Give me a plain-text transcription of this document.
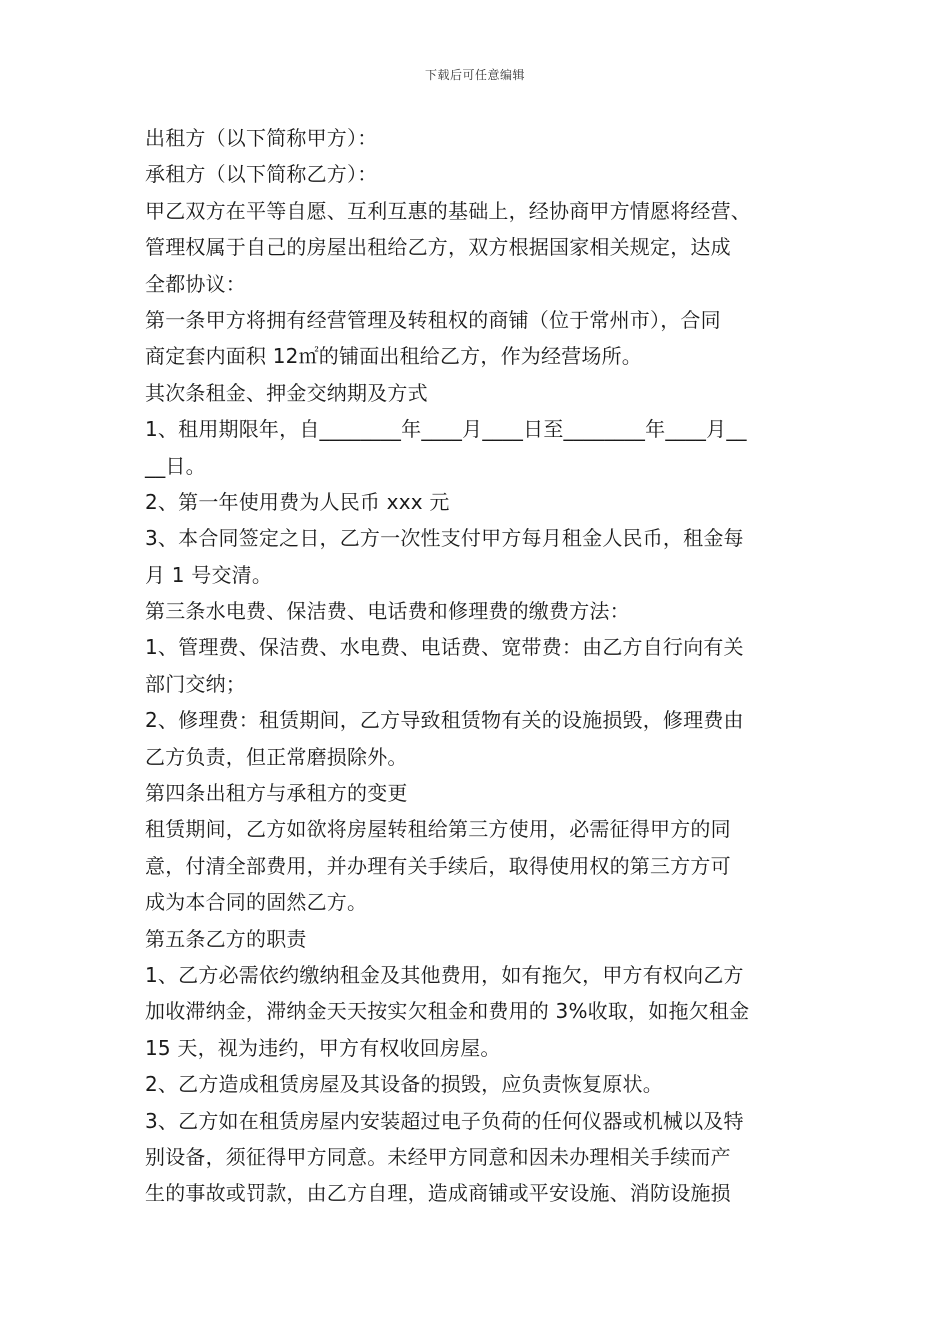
下载后可任意编辑
出租方（以下简称甲方）：
承租方（以下简称乙方）：
甲乙双方在平等自愿、互利互惠的基础上，经协商甲方情愿将经营、
管理权属于自己的房屋出租给乙方，双方根据国家相关规定，达成
全都协议：
第一条甲方将拥有经营管理及转租权的商铺（位于常州市），合同
商定套内面积 12㎡的铺面出租给乙方，作为经营场所。
其次条租金、押金交纳期及方式
1、租用期限年，自________年____月____日至________年____月__
__日。
2、第一年使用费为人民币 xxx 元
3、本合同签定之日，乙方一次性支付甲方每月租金人民币，租金每
月 1 号交清。
第三条水电费、保洁费、电话费和修理费的缴费方法：
1、管理费、保洁费、水电费、电话费、宽带费：由乙方自行向有关
部门交纳；
2、修理费：租赁期间，乙方导致租赁物有关的设施损毁，修理费由
乙方负责，但正常磨损除外。
第四条出租方与承租方的变更
租赁期间，乙方如欲将房屋转租给第三方使用，必需征得甲方的同
意，付清全部费用，并办理有关手续后，取得使用权的第三方方可
成为本合同的固然乙方。
第五条乙方的职责
1、乙方必需依约缴纳租金及其他费用，如有拖欠，甲方有权向乙方
加收滞纳金，滞纳金天天按实欠租金和费用的 3%收取，如拖欠租金
15 天，视为违约，甲方有权收回房屋。
2、乙方造成租赁房屋及其设备的损毁，应负责恢复原状。
3、乙方如在租赁房屋内安装超过电子负荷的任何仪器或机械以及特
别设备，须征得甲方同意。未经甲方同意和因未办理相关手续而产
生的事故或罚款，由乙方自理，造成商铺或平安设施、消防设施损
